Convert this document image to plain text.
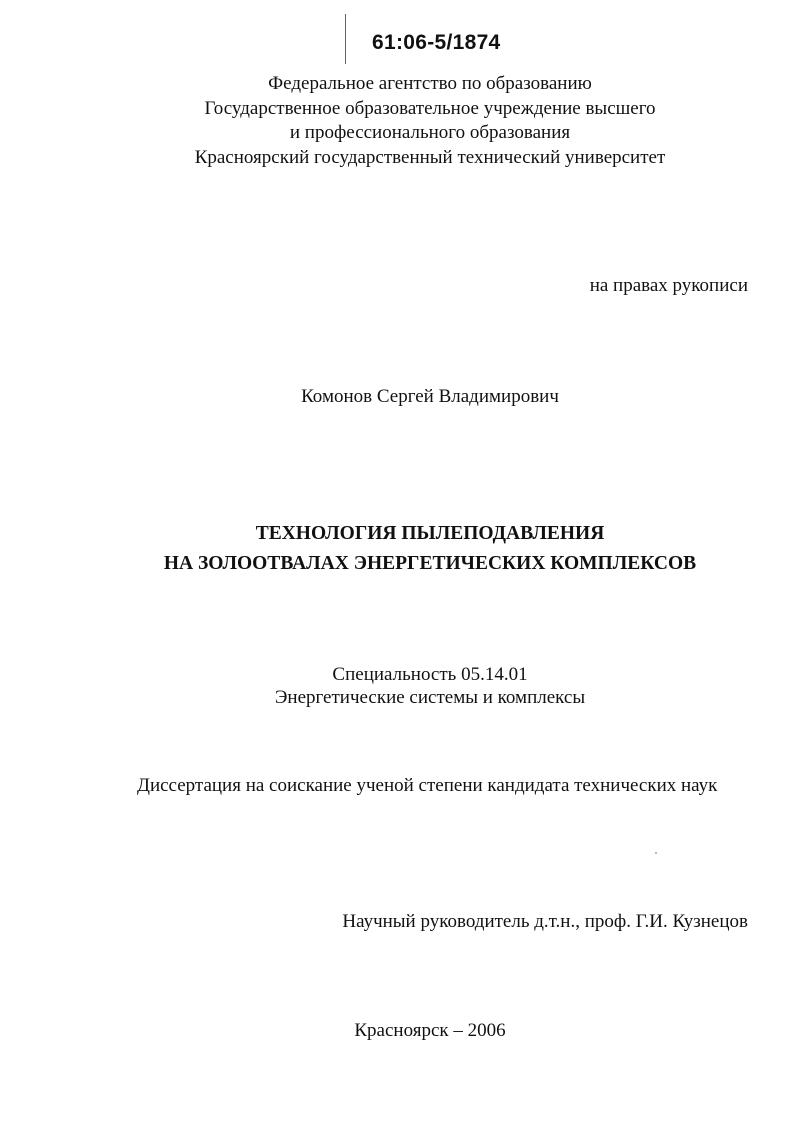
61:06-5/1874
Федеральное агентство по образованию
Государственное образовательное учреждение высшего
и профессионального образования
Красноярский государственный технический университет
на правах рукописи
Комонов Сергей Владимирович
ТЕХНОЛОГИЯ ПЫЛЕПОДАВЛЕНИЯ
НА ЗОЛООТВАЛАХ ЭНЕРГЕТИЧЕСКИХ КОМПЛЕКСОВ
Специальность 05.14.01
Энергетические системы и комплексы
Диссертация на соискание ученой степени кандидата технических наук
Научный руководитель д.т.н., проф. Г.И. Кузнецов
Красноярск – 2006
